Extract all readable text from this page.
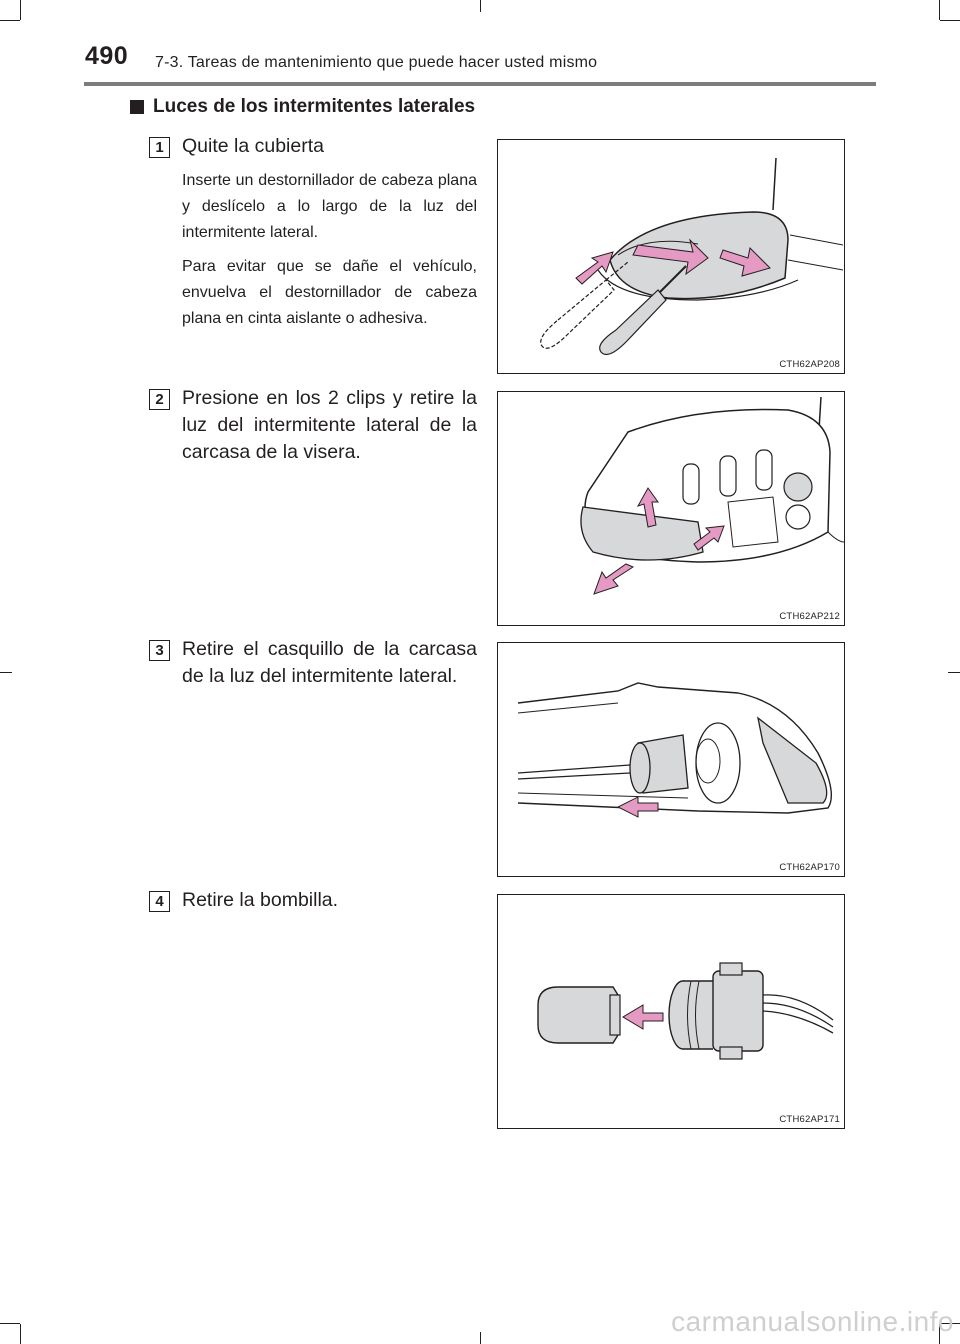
490 7-3. Tareas de mantenimiento que puede hacer usted mismo
Luces de los intermitentes laterales
1 Quite la cubierta
Inserte un destornillador de cabeza plana y deslícelo a lo largo de la luz del intermitente lateral.
Para evitar que se dañe el vehículo, envuelva el destornillador de cabeza plana en cinta aislante o adhesiva.
CTH62AP208
2 Presione en los 2 clips y retire la luz del intermitente lateral de la carcasa de la visera.
CTH62AP212
3 Retire el casquillo de la carcasa de la luz del intermitente lateral.
CTH62AP170
4 Retire la bombilla.
CTH62AP171
carmanualsonline.info
